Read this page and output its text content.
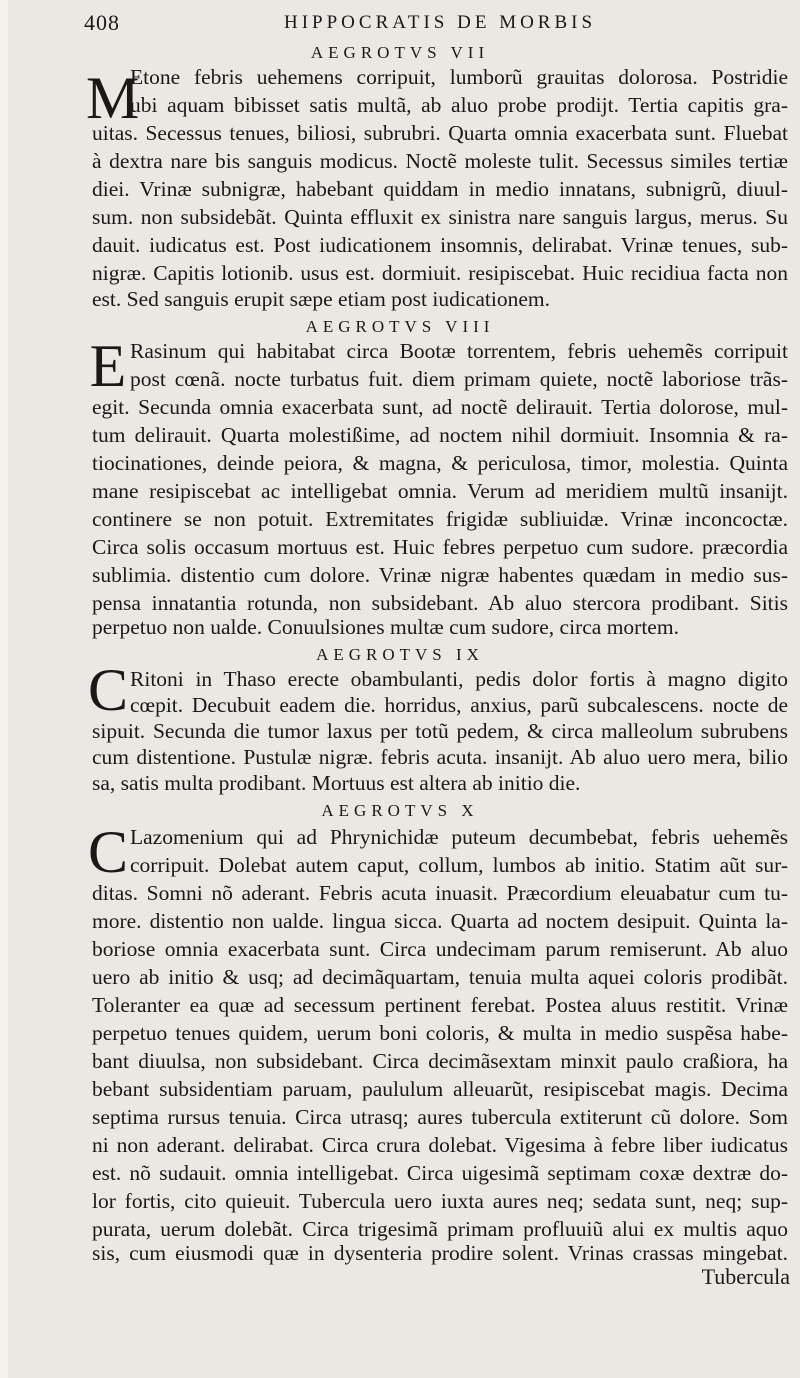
408	HIPPOCRATIS DE MORBIS
AEGROTVS VII
M
Etone febris uehemens corripuit, lumborũ grauitas dolorosa. Postridie
ubi aquam bibisset satis multã, ab aluo probe prodijt. Tertia capitis gra-
uitas. Secessus tenues, biliosi, subrubri. Quarta omnia exacerbata sunt. Fluebat
à dextra nare bis sanguis modicus. Noctẽ moleste tulit. Secessus similes tertiæ
diei. Vrinæ subnigræ, habebant quiddam in medio innatans, subnigrũ, diuul-
sum. non subsidebãt. Quinta effluxit ex sinistra nare sanguis largus, merus. Su
dauit. iudicatus est. Post iudicationem insomnis, delirabat. Vrinæ tenues, sub-
nigræ. Capitis lotionib. usus est. dormiuit. resipiscebat. Huic recidiua facta non
est. Sed sanguis erupit sæpe etiam post iudicationem.
AEGROTVS VIII
E Rasinum qui habitabat circa Bootæ torrentem, febris uehemẽs corripuit
post cœnã. nocte turbatus fuit. diem primam quiete, noctẽ laboriose trãs-
egit. Secunda omnia exacerbata sunt, ad noctẽ delirauit. Tertia dolorose, mul-
tum delirauit. Quarta molestißime, ad noctem nihil dormiuit. Insomnia & ra-
tiocinationes, deinde peiora, & magna, & periculosa, timor, molestia. Quinta
mane resipiscebat ac intelligebat omnia. Verum ad meridiem multũ insanijt.
continere se non potuit. Extremitates frigidæ subliuidæ. Vrinæ inconcoctæ.
Circa solis occasum mortuus est. Huic febres perpetuo cum sudore. præcordia
sublimia. distentio cum dolore. Vrinæ nigræ habentes quædam in medio sus-
pensa innatantia rotunda, non subsidebant. Ab aluo stercora prodibant. Sitis
perpetuo non ualde. Conuulsiones multæ cum sudore, circa mortem.
AEGROTVS IX
C Ritoni in Thaso erecte obambulanti, pedis dolor fortis à magno digito
cœpit. Decubuit eadem die. horridus, anxius, parũ subcalescens. nocte de
sipuit. Secunda die tumor laxus per totũ pedem, & circa malleolum subrubens
cum distentione. Pustulæ nigræ. febris acuta. insanijt. Ab aluo uero mera, bilio
sa, satis multa prodibant. Mortuus est altera ab initio die.
AEGROTVS X
C Lazomenium qui ad Phrynichidæ puteum decumbebat, febris uehemẽs
corripuit. Dolebat autem caput, collum, lumbos ab initio. Statim aũt sur-
ditas. Somni nõ aderant. Febris acuta inuasit. Præcordium eleuabatur cum tu-
more. distentio non ualde. lingua sicca. Quarta ad noctem desipuit. Quinta la-
boriose omnia exacerbata sunt. Circa undecimam parum remiserunt. Ab aluo
uero ab initio & usq; ad decimãquartam, tenuia multa aquei coloris prodibãt.
Toleranter ea quæ ad secessum pertinent ferebat. Postea aluus restitit. Vrinæ
perpetuo tenues quidem, uerum boni coloris, & multa in medio suspẽsa habe-
bant diuulsa, non subsidebant. Circa decimãsextam minxit paulo craßiora, ha
bebant subsidentiam paruam, paululum alleuarũt, resipiscebat magis. Decima
septima rursus tenuia. Circa utrasq; aures tubercula extiterunt cũ dolore. Som
ni non aderant. delirabat. Circa crura dolebat. Vigesima à febre liber iudicatus
est. nõ sudauit. omnia intelligebat. Circa uigesimã septimam coxæ dextræ do-
lor fortis, cito quieuit. Tubercula uero iuxta aures neq; sedata sunt, neq; sup-
purata, uerum dolebãt. Circa trigesimã primam profluuiũ alui ex multis aquo
sis, cum eiusmodi quæ in dysenteria prodire solent. Vrinas crassas mingebat.
Tubercula
